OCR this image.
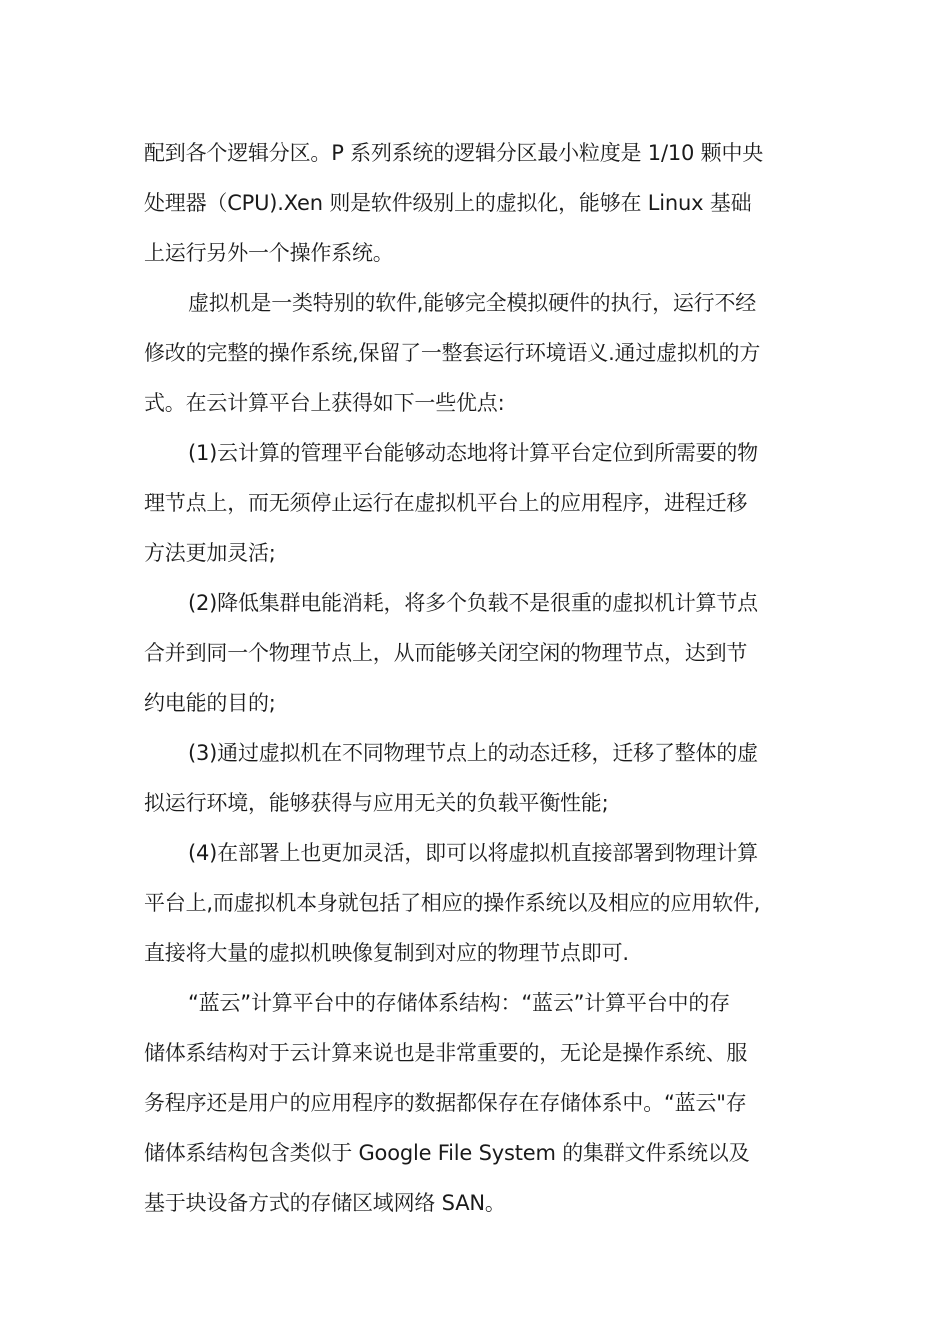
配到各个逻辑分区。P 系列系统的逻辑分区最小粒度是 1/10 颗中央
处理器（CPU).Xen 则是软件级别上的虚拟化，能够在 Linux 基础
上运行另外一个操作系统。

虚拟机是一类特别的软件,能够完全模拟硬件的执行，运行不经
修改的完整的操作系统,保留了一整套运行环境语义.通过虚拟机的方
式。在云计算平台上获得如下一些优点:

(1)云计算的管理平台能够动态地将计算平台定位到所需要的物
理节点上，而无须停止运行在虚拟机平台上的应用程序，进程迁移
方法更加灵活;

(2)降低集群电能消耗，将多个负载不是很重的虚拟机计算节点
合并到同一个物理节点上，从而能够关闭空闲的物理节点，达到节
约电能的目的;

(3)通过虚拟机在不同物理节点上的动态迁移，迁移了整体的虚
拟运行环境，能够获得与应用无关的负载平衡性能;

(4)在部署上也更加灵活，即可以将虚拟机直接部署到物理计算
平台上,而虚拟机本身就包括了相应的操作系统以及相应的应用软件,
直接将大量的虚拟机映像复制到对应的物理节点即可.

“蓝云”计算平台中的存储体系结构：“蓝云”计算平台中的存
储体系结构对于云计算来说也是非常重要的，无论是操作系统、服
务程序还是用户的应用程序的数据都保存在存储体系中。“蓝云"存
储体系结构包含类似于 Google File System 的集群文件系统以及
基于块设备方式的存储区域网络 SAN。
